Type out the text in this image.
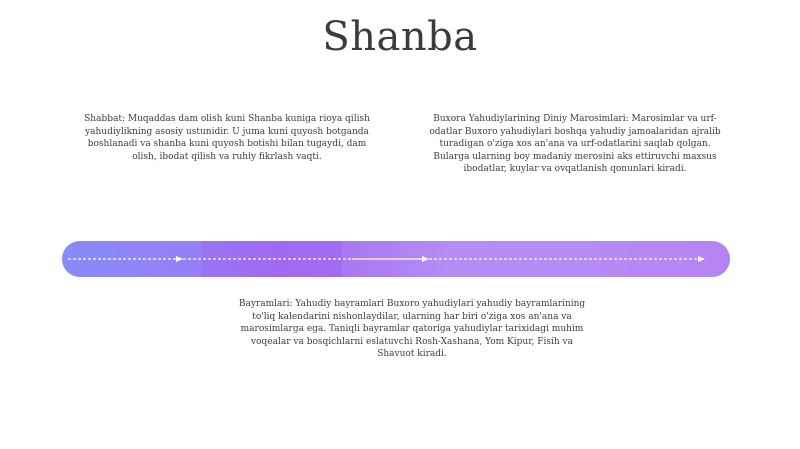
Shanba
Shabbat: Muqaddas dam olish kuni Shanba kuniga rioya qilish yahudiylikning asosiy ustunidir. U juma kuni quyosh botganda boshlanadi va shanba kuni quyosh botishi bilan tugaydi, dam olish, ibodat qilish va ruhiy fikrlash vaqti.
Buxora Yahudiylarining Diniy Marosimlari: Marosimlar va urf-odatlar Buxoro yahudiylari boshqa yahudiy jamoalaridan ajralib turadigan o'ziga xos an'ana va urf-odatlarini saqlab qolgan. Bularga ularning boy madaniy merosini aks ettiruvchi maxsus ibodatlar, kuylar va ovqatlanish qonunlari kiradi.
Bayramlari: Yahudiy bayramlari Buxoro yahudiylari yahudiy bayramlarining to'liq kalendarini nishonlaydilar, ularning har biri o'ziga xos an'ana va marosimlarga ega. Taniqli bayramlar qatoriga yahudiylar tarixidagi muhim voqealar va bosqichlarni eslatuvchi Rosh-Xashana, Yom Kipur, Fisih va Shavuot kiradi.
